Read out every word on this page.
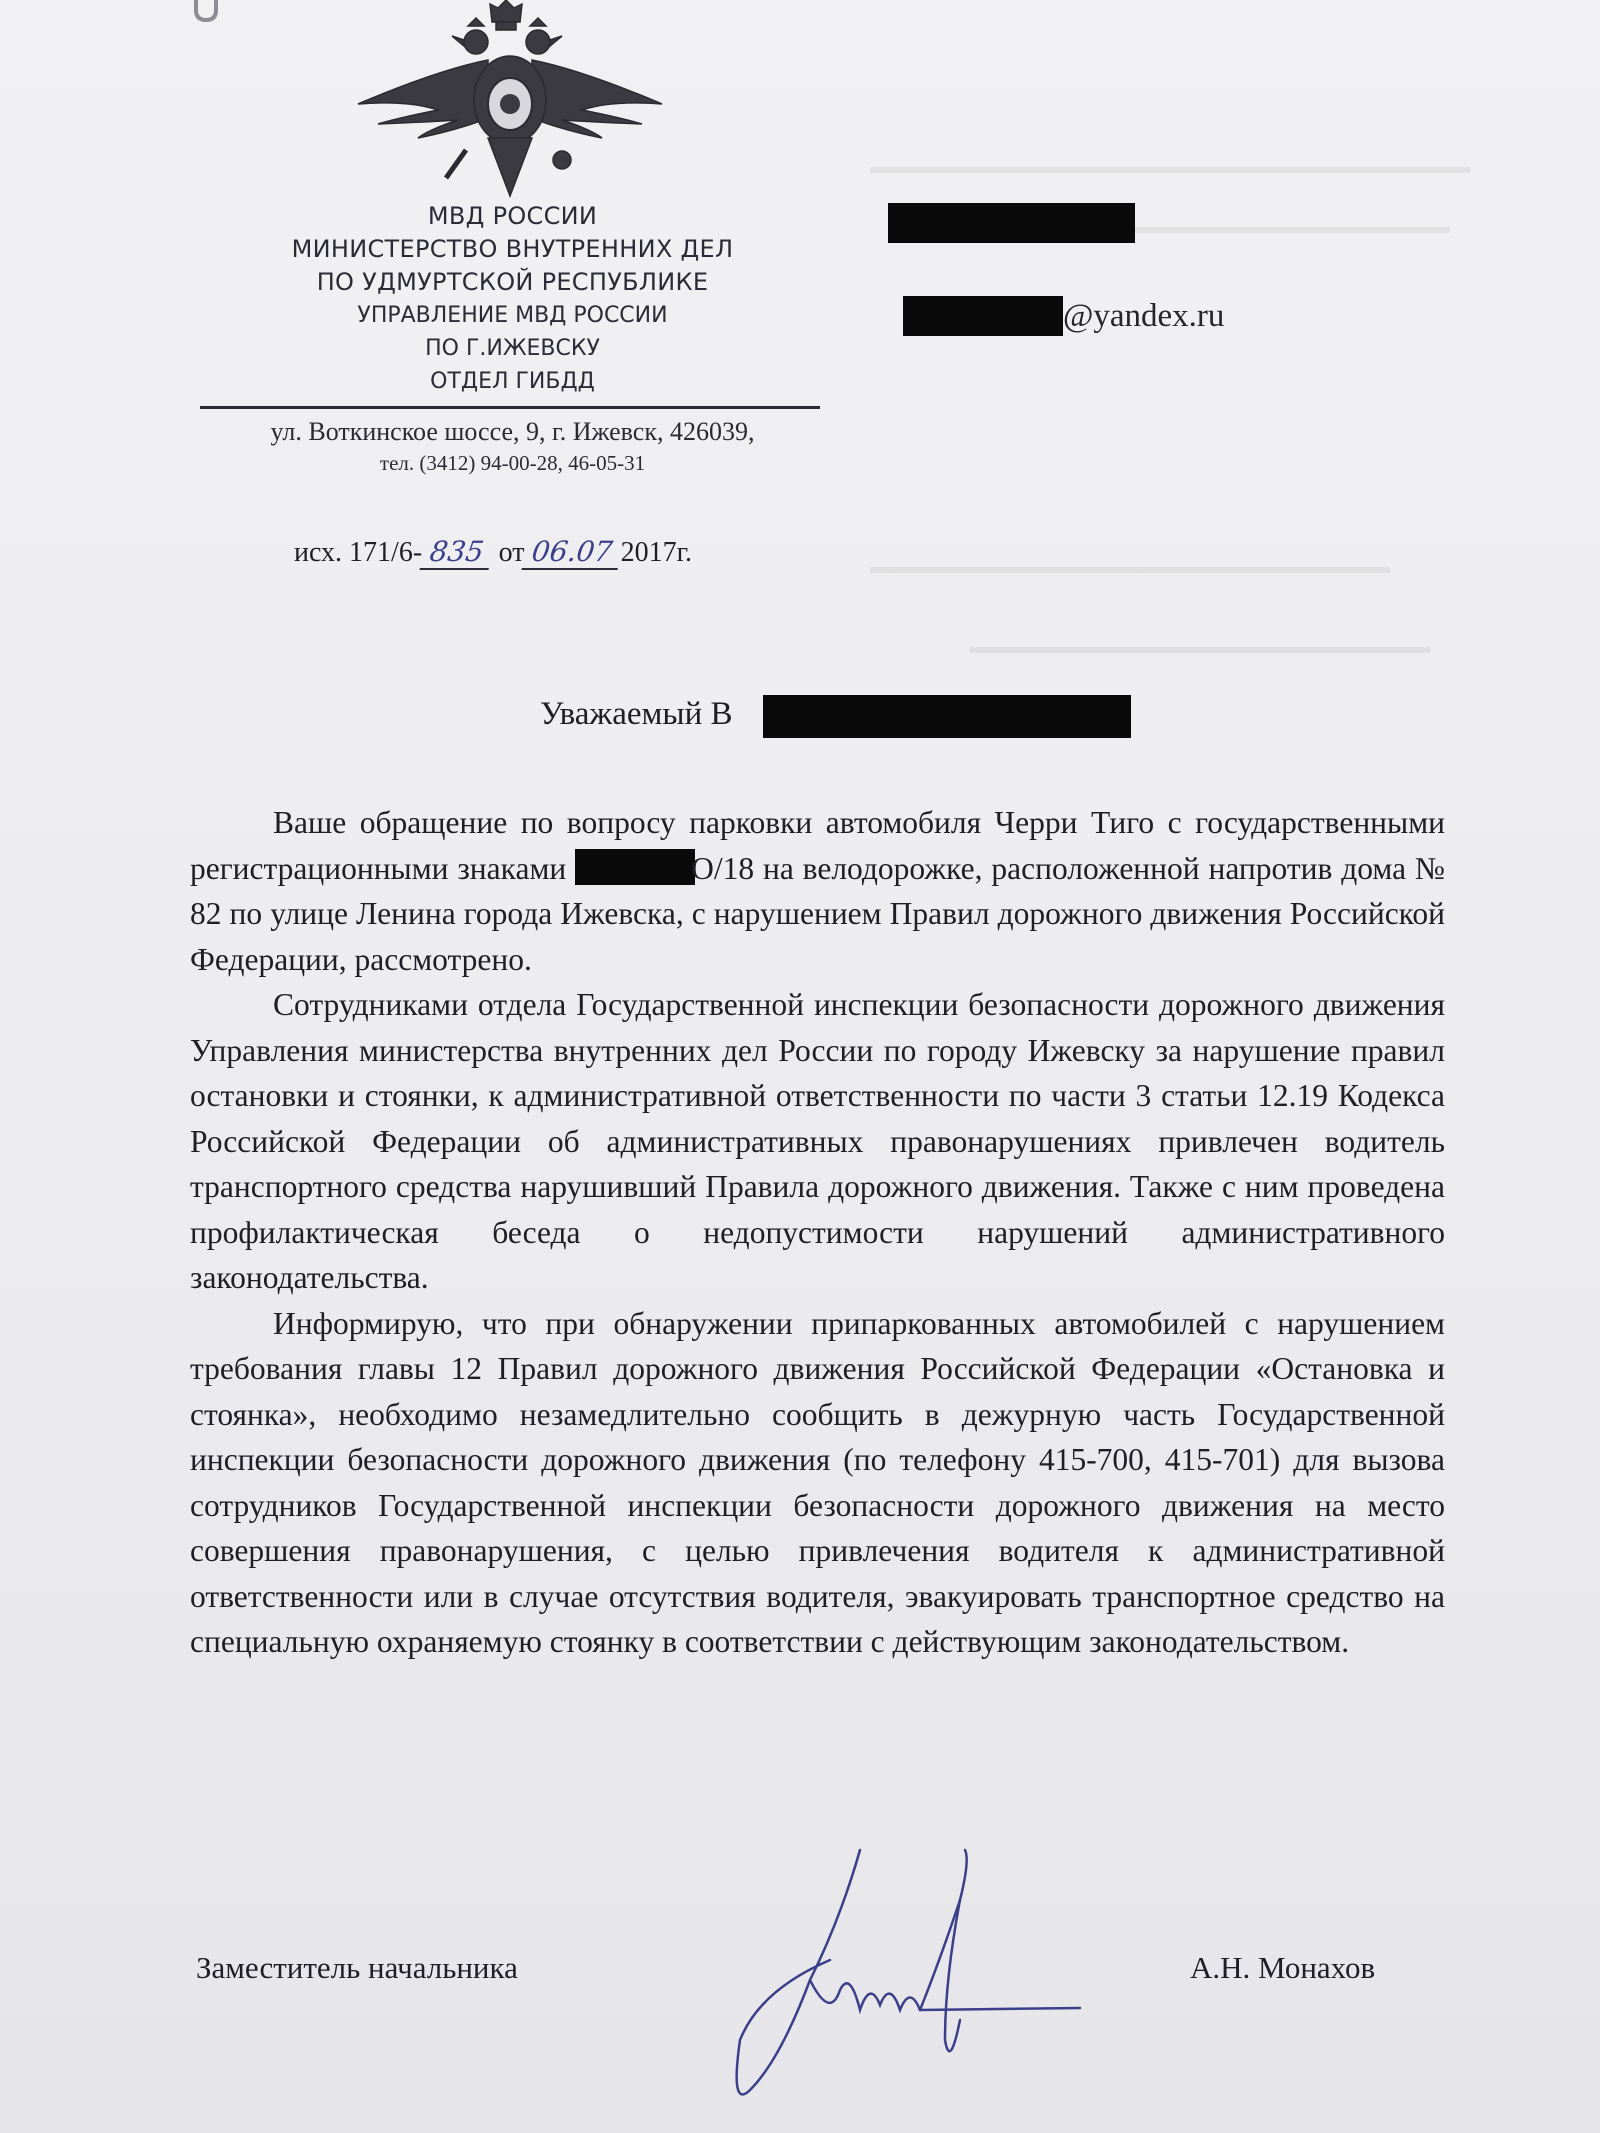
МВД РОССИИ
МИНИСТЕРСТВО ВНУТРЕННИХ ДЕЛ
ПО УДМУРТСКОЙ РЕСПУБЛИКЕ
УПРАВЛЕНИЕ МВД РОССИИ
ПО Г.ИЖЕВСКУ
ОТДЕЛ ГИБДД
ул. Воткинское шоссе, 9, г. Ижевск, 426039,
тел. (3412) 94-00-28, 46-05-31
исх. 171/6- 835 от 06.07 2017г.
@yandex.ru
Уважаемый В

Ваше обращение по вопросу парковки автомобиля Черри Тиго с государственными регистрационными знаками	О/18 на велодорожке, расположенной напротив дома № 82 по улице Ленина города Ижевска, с нарушением Правил дорожного движения Российской Федерации, рассмотрено.

Сотрудниками отдела Государственной инспекции безопасности дорожного движения Управления министерства внутренних дел России по городу Ижевску за нарушение правил остановки и стоянки, к административной ответственности по части 3 статьи 12.19 Кодекса Российской Федерации об административных правонарушениях привлечен водитель транспортного средства нарушивший Правила дорожного движения. Также с ним проведена профилактическая беседа о недопустимости нарушений административного законодательства.

Информирую, что при обнаружении припаркованных автомобилей с нарушением требования главы 12 Правил дорожного движения Российской Федерации «Остановка и стоянка», необходимо незамедлительно сообщить в дежурную часть Государственной инспекции безопасности дорожного движения (по телефону 415-700, 415-701) для вызова сотрудников Государственной инспекции безопасности дорожного движения на место совершения правонарушения, с целью привлечения водителя к административной ответственности или в случае отсутствия водителя, эвакуировать транспортное средство на специальную охраняемую стоянку в соответствии с действующим законодательством.

Заместитель начальника	А.Н. Монахов
